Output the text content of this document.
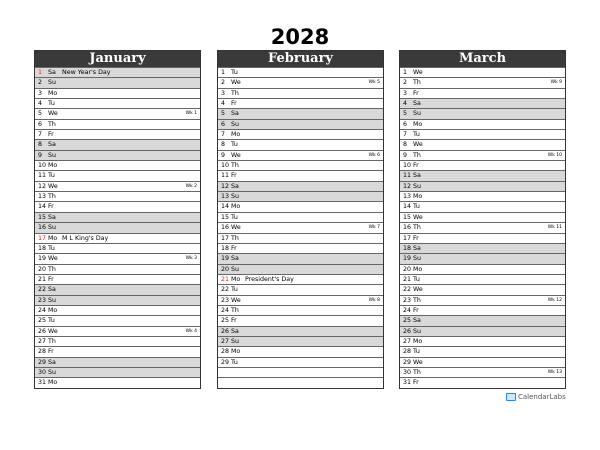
2028
January
1 Sa New Year's Day
2 Su
3 Mo
4 Tu
5 We	Wk 1
6 Th
7 Fr
8 Sa
9 Su
10 Mo
11 Tu
12 We	Wk 2
13 Th
14 Fr
15 Sa
16 Su
17 Mo M L King's Day
18 Tu
19 We	Wk 3
20 Th
21 Fr
22 Sa
23 Su
24 Mo
25 Tu
26 We	Wk 4
27 Th
28 Fr
29 Sa
30 Su
31 Mo
February
1 Tu
2 We	Wk 5
3 Th
4 Fr
5 Sa
6 Su
7 Mo
8 Tu
9 We	Wk 6
10 Th
11 Fr
12 Sa
13 Su
14 Mo
15 Tu
16 We	Wk 7
17 Th
18 Fr
19 Sa
20 Su
21 Mo President's Day
22 Tu
23 We	Wk 8
24 Th
25 Fr
26 Sa
27 Su
28 Mo
29 Tu
March
1 We
2 Th	Wk 9
3 Fr
4 Sa
5 Su
6 Mo
7 Tu
8 We
9 Th	Wk 10
10 Fr
11 Sa
12 Su
13 Mo
14 Tu
15 We
16 Th	Wk 11
17 Fr
18 Sa
19 Su
20 Mo
21 Tu
22 We
23 Th	Wk 12
24 Fr
25 Sa
26 Su
27 Mo
28 Tu
29 We
30 Th	Wk 13
31 Fr
CalendarLabs
